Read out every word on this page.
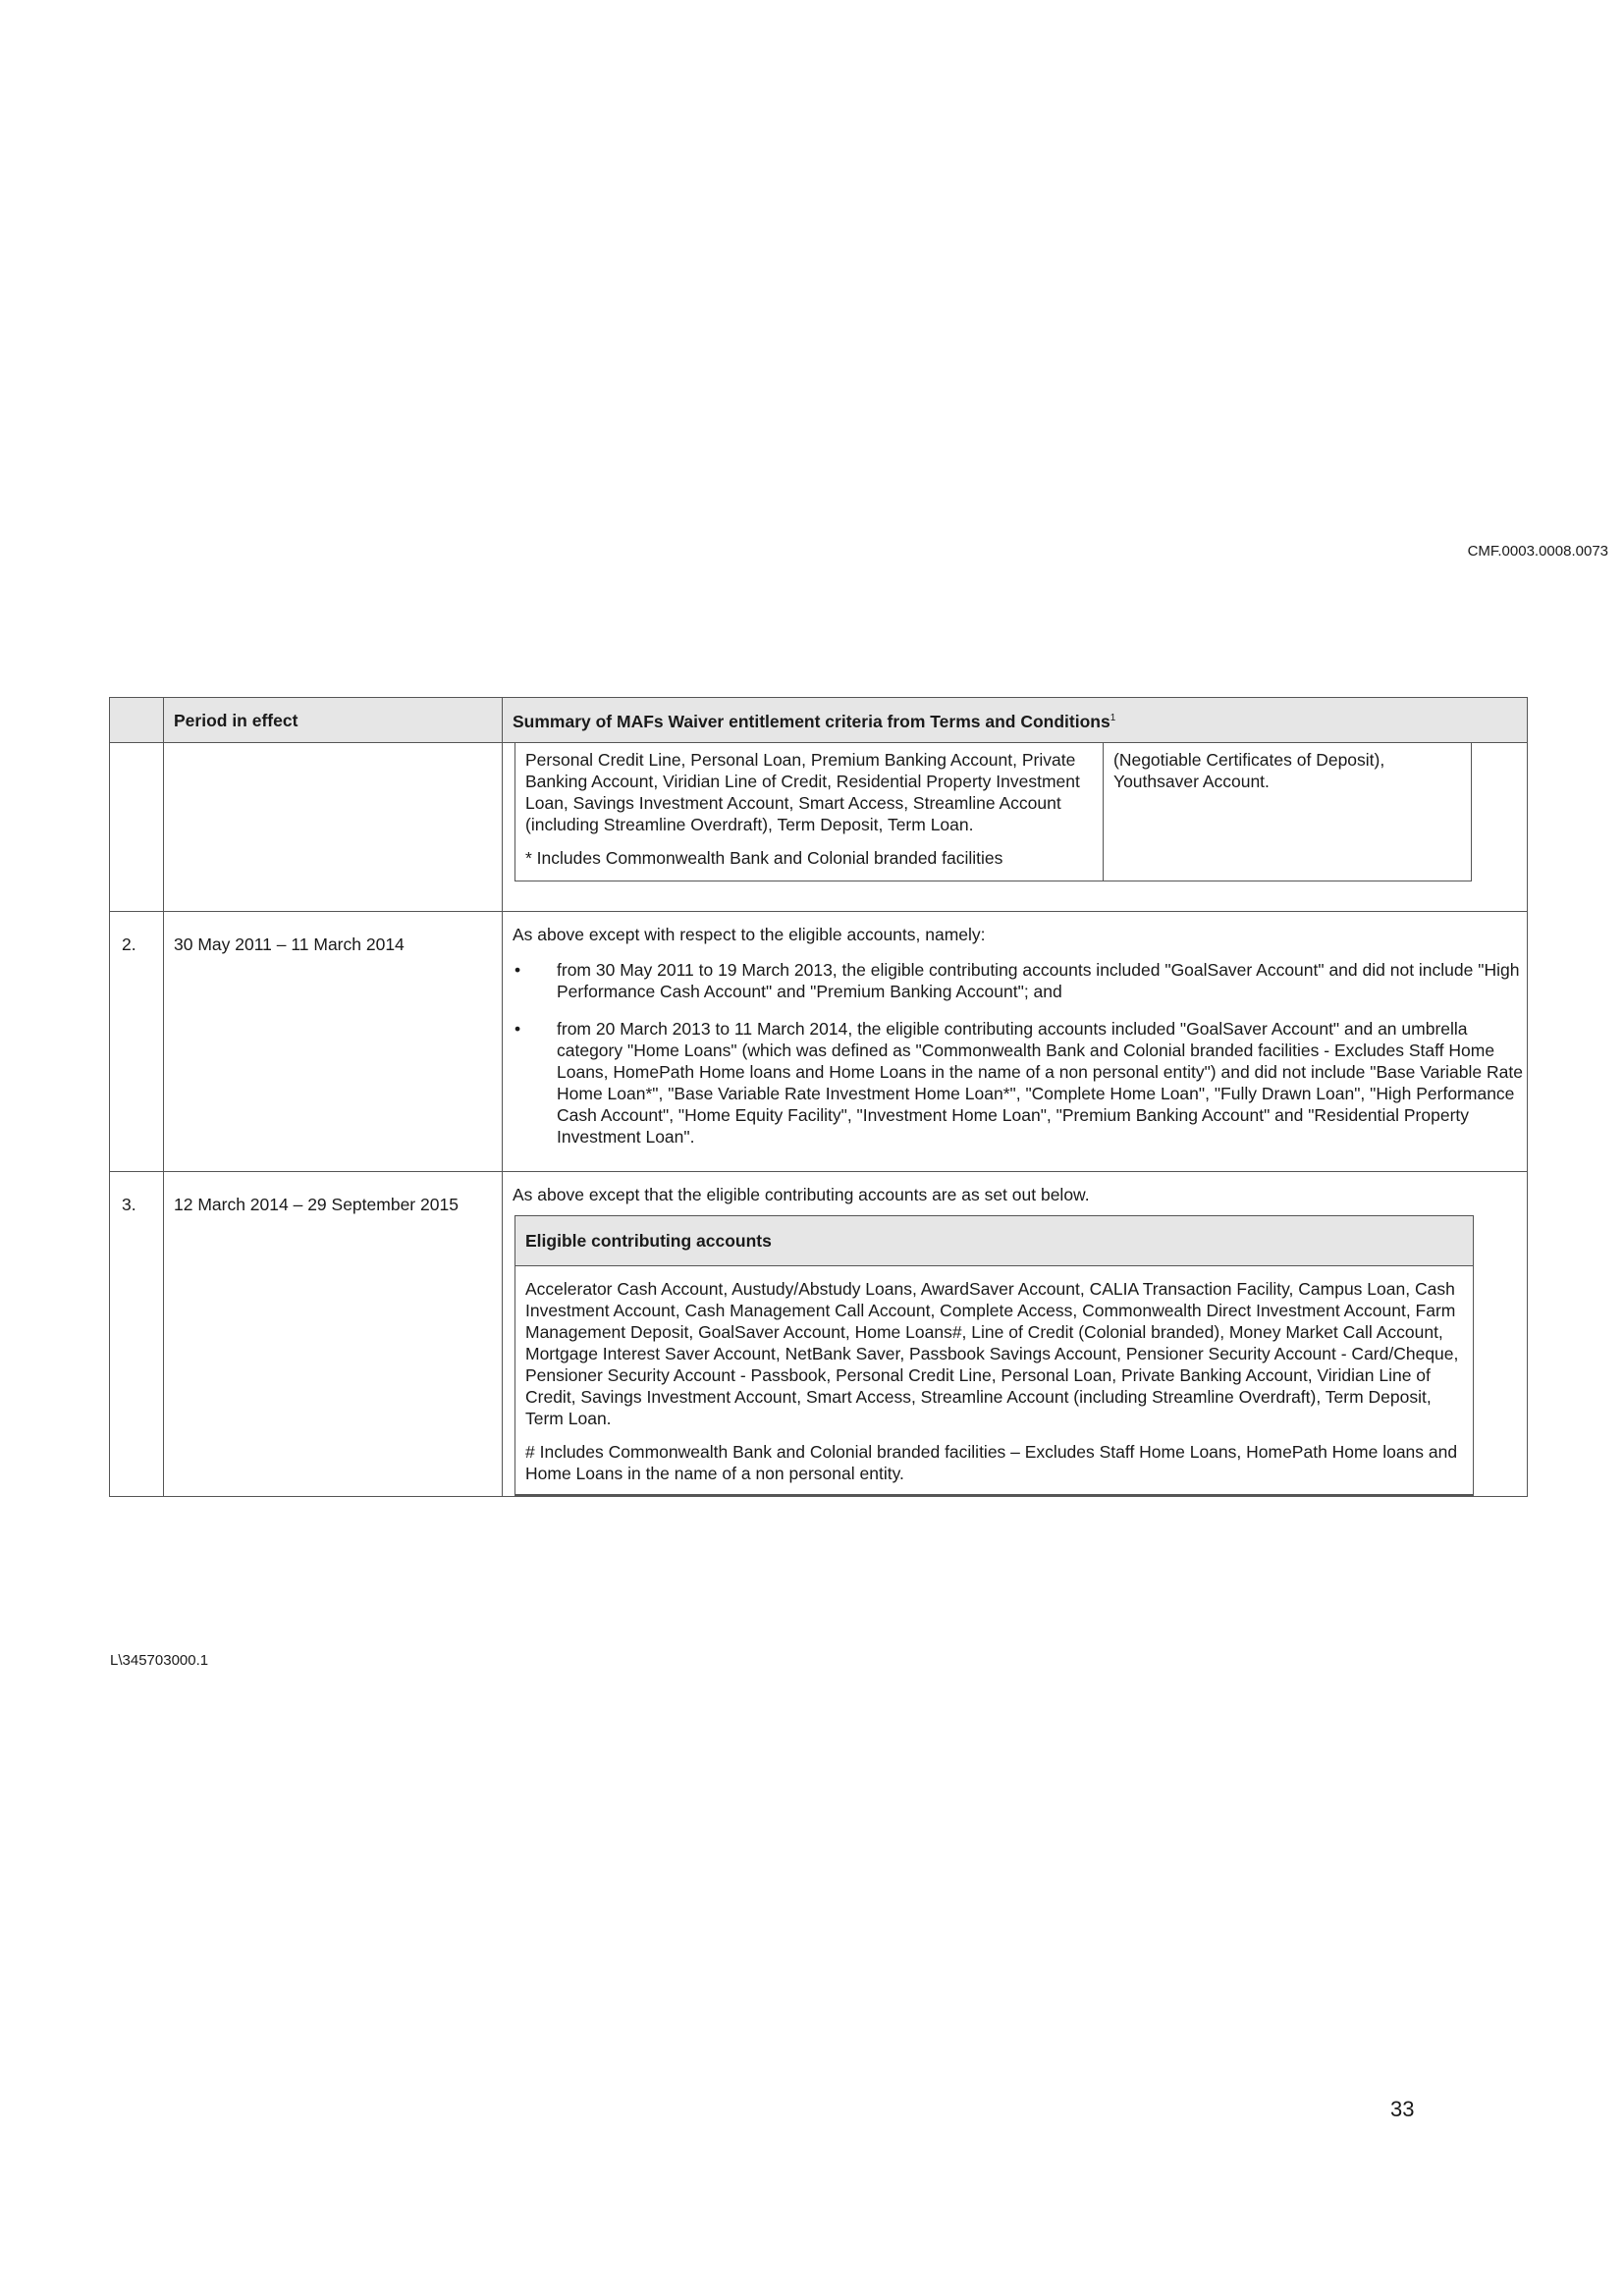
CMF.0003.0008.0073
	Period in effect	Summary of MAFs Waiver entitlement criteria from Terms and Conditions$^1$

Personal Credit Line, Personal Loan, Premium Banking Account, Private Banking Account, Viridian Line of Credit, Residential Property Investment Loan, Savings Investment Account, Smart Access, Streamline Account (including Streamline Overdraft), Term Deposit, Term Loan.

* Includes Commonwealth Bank and Colonial branded facilities

(Negotiable Certificates of Deposit), Youthsaver Account.

2.	30 May 2011 – 11 March 2014	As above except with respect to the eligible accounts, namely:

• from 30 May 2011 to 19 March 2013, the eligible contributing accounts included "GoalSaver Account" and did not include "High Performance Cash Account" and "Premium Banking Account"; and
• from 20 March 2013 to 11 March 2014, the eligible contributing accounts included "GoalSaver Account" and an umbrella category "Home Loans" (which was defined as "Commonwealth Bank and Colonial branded facilities - Excludes Staff Home Loans, HomePath Home loans and Home Loans in the name of a non personal entity") and did not include "Base Variable Rate Home Loan*", "Base Variable Rate Investment Home Loan*", "Complete Home Loan", "Fully Drawn Loan", "High Performance Cash Account", "Home Equity Facility", "Investment Home Loan", "Premium Banking Account" and "Residential Property Investment Loan".

3.	12 March 2014 – 29 September 2015	As above except that the eligible contributing accounts are as set out below.

Eligible contributing accounts

Accelerator Cash Account, Austudy/Abstudy Loans, AwardSaver Account, CALIA Transaction Facility, Campus Loan, Cash Investment Account, Cash Management Call Account, Complete Access, Commonwealth Direct Investment Account, Farm Management Deposit, GoalSaver Account, Home Loans#, Line of Credit (Colonial branded), Money Market Call Account, Mortgage Interest Saver Account, NetBank Saver, Passbook Savings Account, Pensioner Security Account - Card/Cheque, Pensioner Security Account - Passbook, Personal Credit Line, Personal Loan, Private Banking Account, Viridian Line of Credit, Savings Investment Account, Smart Access, Streamline Account (including Streamline Overdraft), Term Deposit, Term Loan.

# Includes Commonwealth Bank and Colonial branded facilities – Excludes Staff Home Loans, HomePath Home loans and Home Loans in the name of a non personal entity.

L\345703000.1
33
